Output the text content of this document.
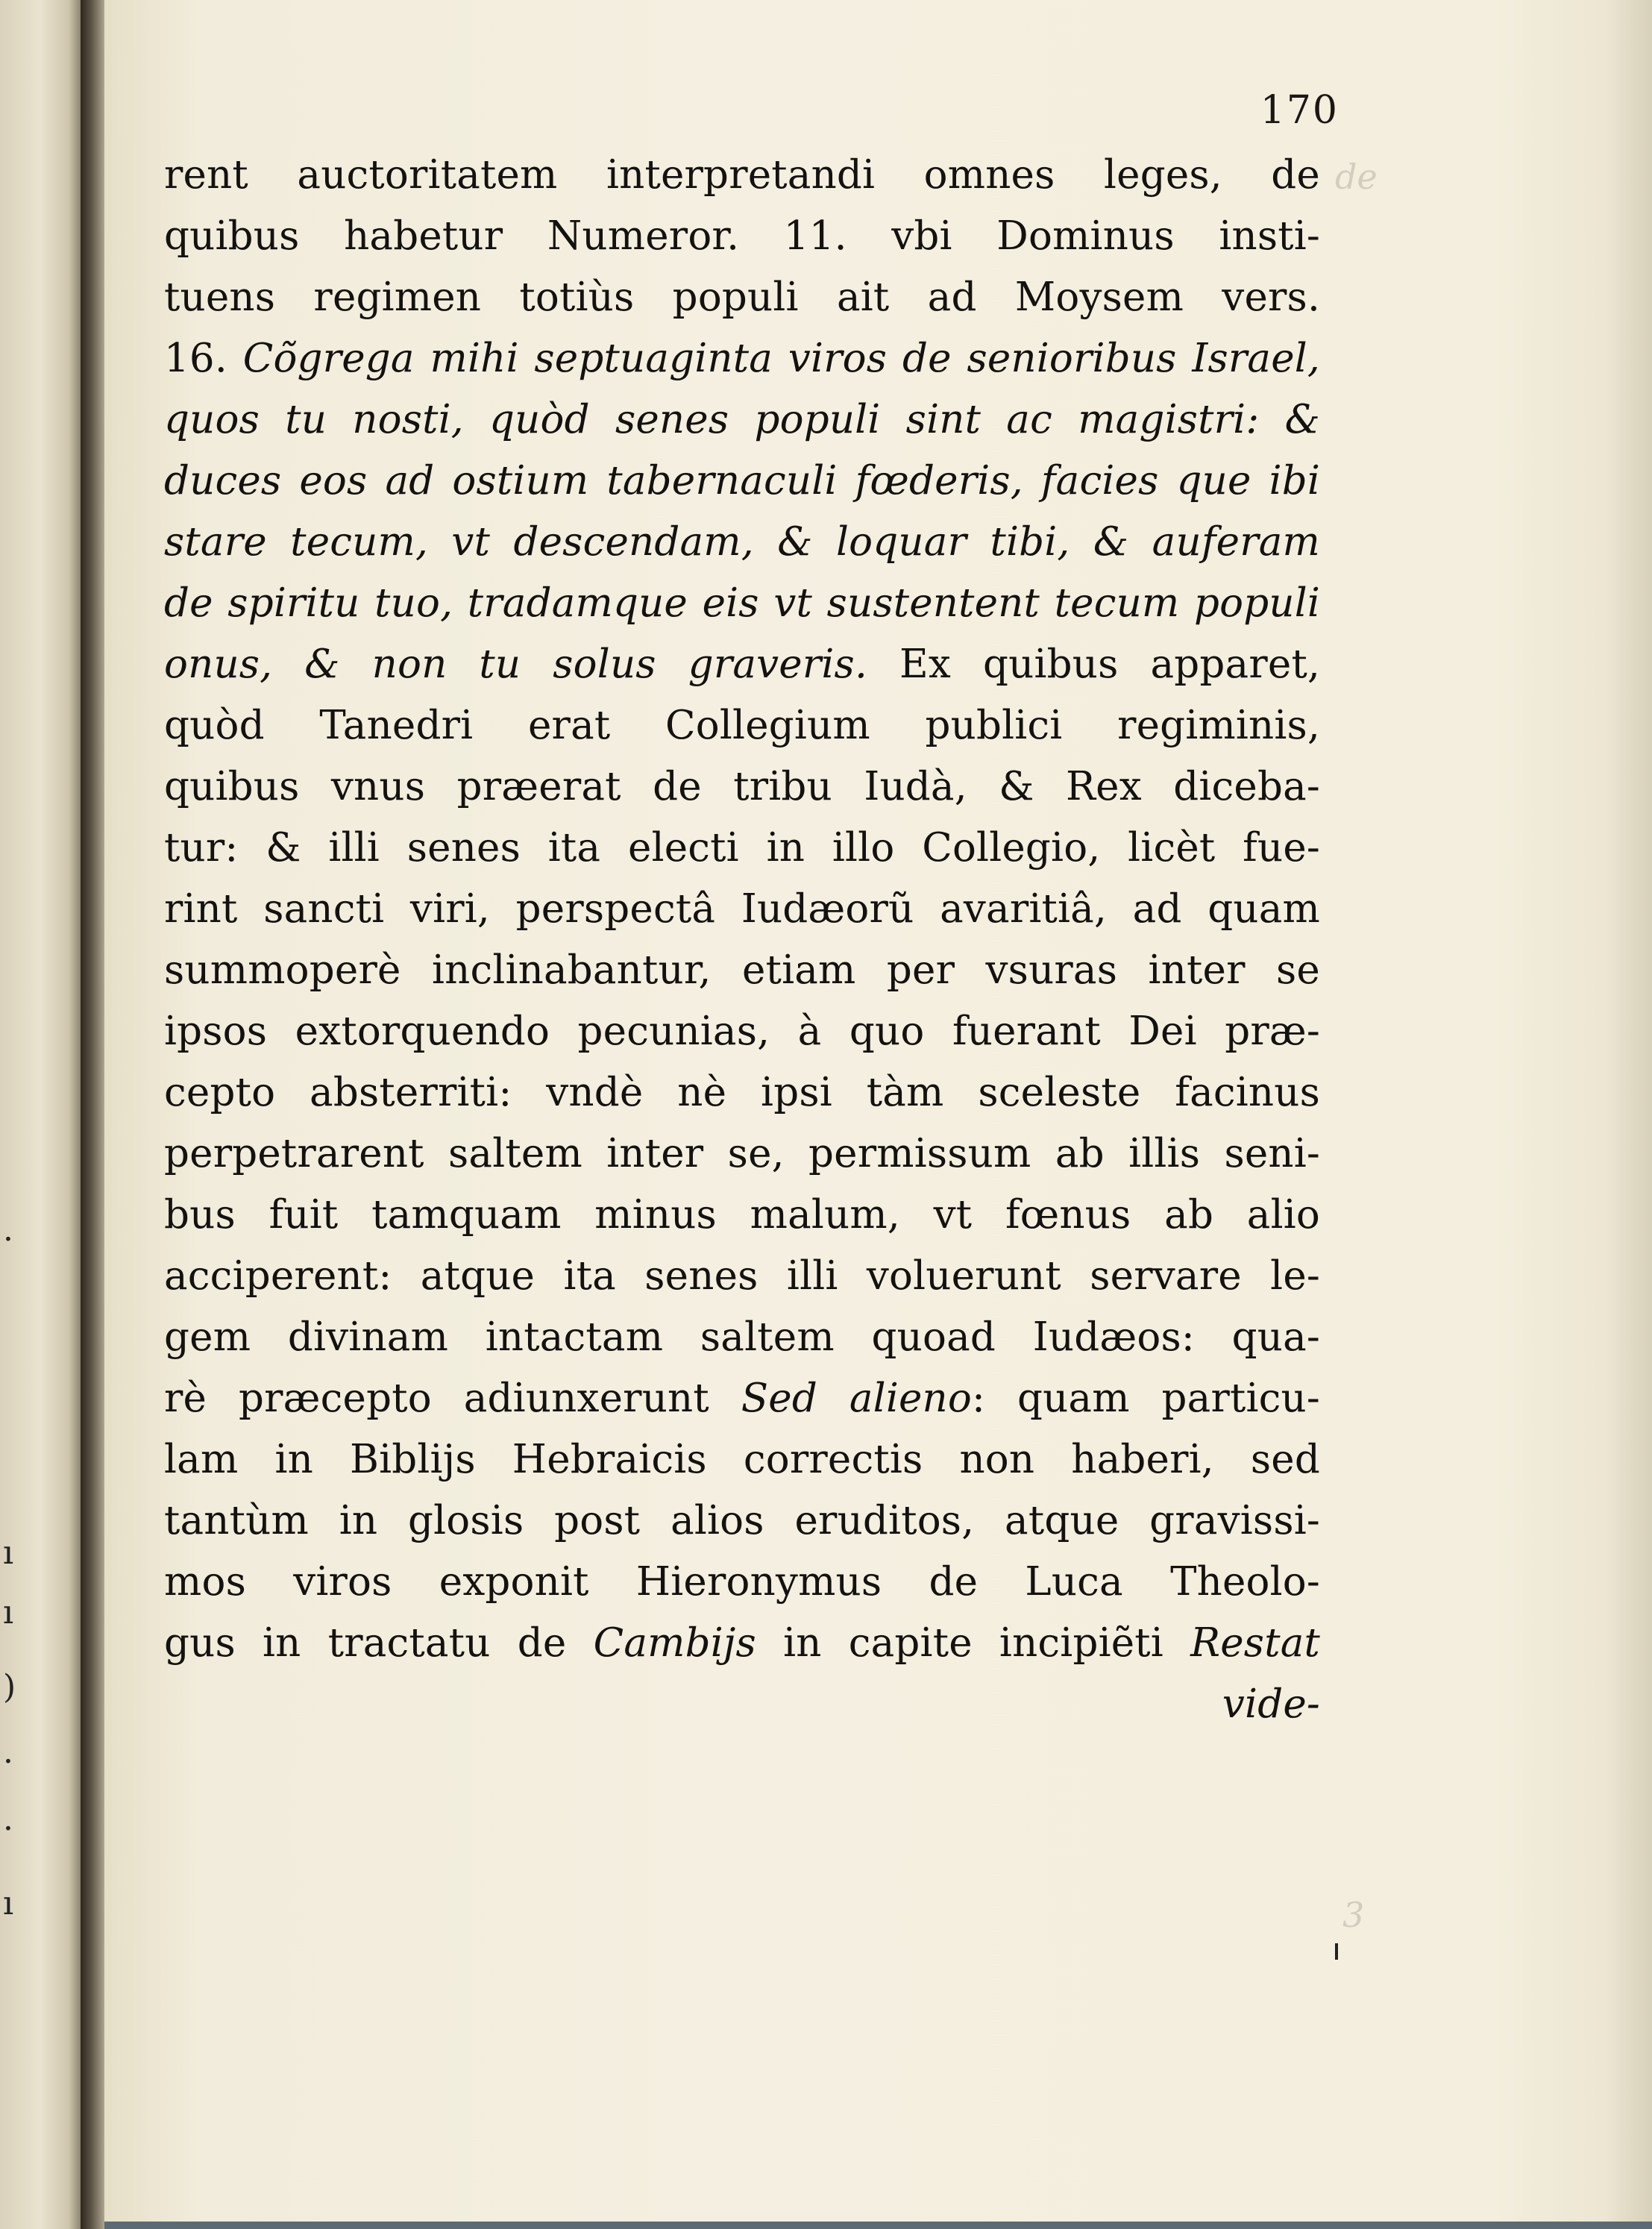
·
ı
ı
)
·
·
ı
170
de
3
rent auctoritatem interpretandi omnes leges, de
quibus habetur Numeror. 11. vbi Dominus insti-
tuens regimen totiùs populi ait ad Moysem vers.
16. Cõgrega mihi septuaginta viros de senioribus Israel,
quos tu nosti, quòd senes populi sint ac magistri: &
duces eos ad ostium tabernaculi fœderis, facies que ibi
stare tecum, vt descendam, & loquar tibi, & auferam
de spiritu tuo, tradamque eis vt sustentent tecum populi
onus, & non tu solus graveris. Ex quibus apparet,
quòd Tanedri erat Collegium publici regiminis,
quibus vnus præerat de tribu Iudà, & Rex diceba-
tur: & illi senes ita electi in illo Collegio, licèt fue-
rint sancti viri, perspectâ Iudæorũ avaritiâ, ad quam
summoperè inclinabantur, etiam per vsuras inter se
ipsos extorquendo pecunias, à quo fuerant Dei præ-
cepto absterriti: vndè nè ipsi tàm sceleste facinus
perpetrarent saltem inter se, permissum ab illis seni-
bus fuit tamquam minus malum, vt fœnus ab alio
acciperent: atque ita senes illi voluerunt servare le-
gem divinam intactam saltem quoad Iudæos: qua-
rè præcepto adiunxerunt Sed alieno: quam particu-
lam in Biblijs Hebraicis correctis non haberi, sed
tantùm in glosis post alios eruditos, atque gravissi-
mos viros exponit Hieronymus de Luca Theolo-
gus in tractatu de Cambijs in capite incipiẽti Restat
vide-
